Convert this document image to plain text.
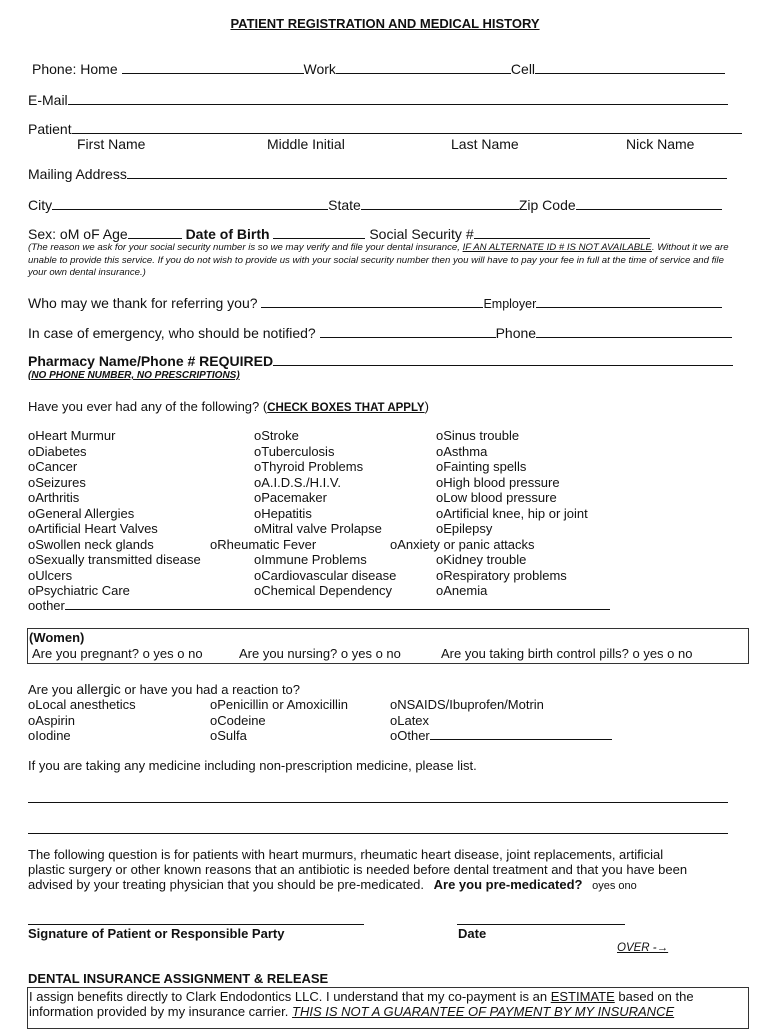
PATIENT REGISTRATION AND MEDICAL HISTORY
Phone: Home	Work	Cell
E-Mail
Patient
First Name	Middle Initial	Last Name	Nick Name
Mailing Address
City	State	Zip Code
Sex: oM oF Age	Date of Birth	Social Security #
(The reason we ask for your social security number is so we may verify and file your dental insurance, IF AN ALTERNATE ID # IS NOT AVAILABLE. Without it we are unable to provide this service. If you do not wish to provide us with your social security number then you will have to pay your fee in full at the time of service and file your own dental insurance.)
Who may we thank for referring you?	Employer
In case of emergency, who should be notified?	Phone
Pharmacy Name/Phone # REQUIRED
(NO PHONE NUMBER, NO PRESCRIPTIONS)
Have you ever had any of the following? (CHECK BOXES THAT APPLY)
oHeart Murmur	oStroke	oSinus trouble
oDiabetes	oTuberculosis	oAsthma
oCancer	oThyroid Problems	oFainting spells
oSeizures	oA.I.D.S./H.I.V.	oHigh blood pressure
oArthritis	oPacemaker	oLow blood pressure
oGeneral Allergies	oHepatitis	oArtificial knee, hip or joint
oArtificial Heart Valves	oMitral valve Prolapse	oEpilepsy
oSwollen neck glands	oRheumatic Fever	oAnxiety or panic attacks
oSexually transmitted disease	oImmune Problems	oKidney trouble
oUlcers	oCardiovascular disease	oRespiratory problems
oPsychiatric Care	oChemical Dependency	oAnemia
oother
(Women)
Are you pregnant? o yes o no	Are you nursing? o yes o no	Are you taking birth control pills? o yes o no
Are you allergic or have you had a reaction to?
oLocal anesthetics	oPenicillin or Amoxicillin	oNSAIDS/Ibuprofen/Motrin
oAspirin	oCodeine	oLatex
oIodine	oSulfa	oOther
If you are taking any medicine including non-prescription medicine, please list.
The following question is for patients with heart murmurs, rheumatic heart disease, joint replacements, artificial
plastic surgery or other known reasons that an antibiotic is needed before dental treatment and that you have been
advised by your treating physician that you should be pre-medicated. Are you pre-medicated? oyes ono
Signature of Patient or Responsible Party	Date
OVER -→
DENTAL INSURANCE ASSIGNMENT & RELEASE
I assign benefits directly to Clark Endodontics LLC. I understand that my co-payment is an ESTIMATE based on the
information provided by my insurance carrier. THIS IS NOT A GUARANTEE OF PAYMENT BY MY INSURANCE
